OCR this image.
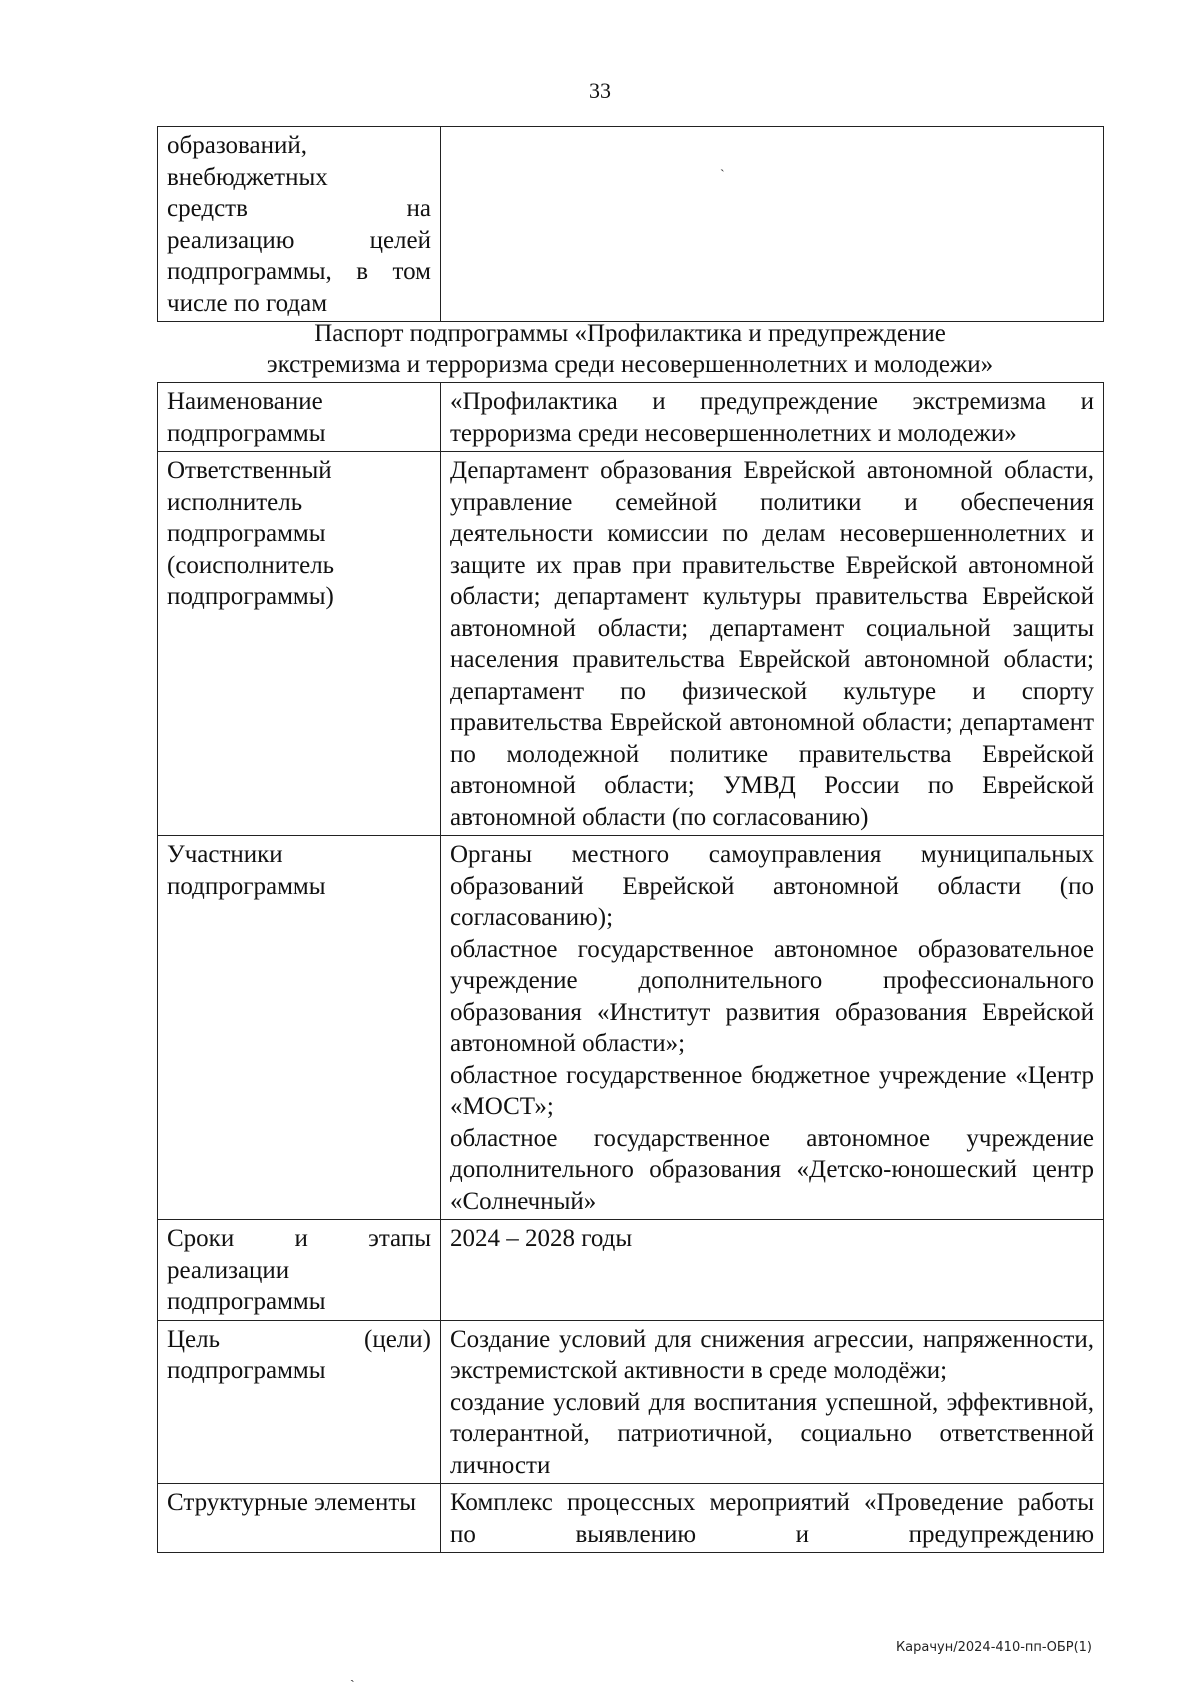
33
образований,
внебюджетных
средств на
реализацию целей
подпрограммы, в том
числе по годам

Паспорт подпрограммы «Профилактика и предупреждение
экстремизма и терроризма среди несовершеннолетних и молодежи»
Наименование подпрограммы	«Профилактика и предупреждение экстремизма и терроризма среди несовершеннолетних и молодежи»

Ответственный исполнитель подпрограммы (соисполнитель подпрограммы)	Департамент образования Еврейской автономной области, управление семейной политики и обеспечения деятельности комиссии по делам несовершеннолетних и защите их прав при правительстве Еврейской автономной области; департамент культуры правительства Еврейской автономной области; департамент социальной защиты населения правительства Еврейской автономной области; департамент по физической культуре и спорту правительства Еврейской автономной области; департамент по молодежной политике правительства Еврейской автономной области; УМВД России по Еврейской автономной области (по согласованию)

Участники подпрограммы	Органы местного самоуправления муниципальных образований Еврейской автономной области (по согласованию);
областное государственное автономное образовательное учреждение дополнительного профессионального образования «Институт развития образования Еврейской автономной области»;
областное государственное бюджетное учреждение «Центр «МОСТ»;
областное государственное автономное учреждение дополнительного образования «Детско-юношеский центр «Солнечный»

Сроки и этапы реализации подпрограммы	2024 – 2028 годы

Цель (цели) подпрограммы	Создание условий для снижения агрессии, напряженности, экстремистской активности в среде молодёжи;
создание условий для воспитания успешной, эффективной, толерантной, патриотичной, социально ответственной личности

Структурные элементы	Комплекс процессных мероприятий «Проведение работы по выявлению и предупреждению
Карачун/2024-410-пп-ОБР(1)
ˋ
ˏ
